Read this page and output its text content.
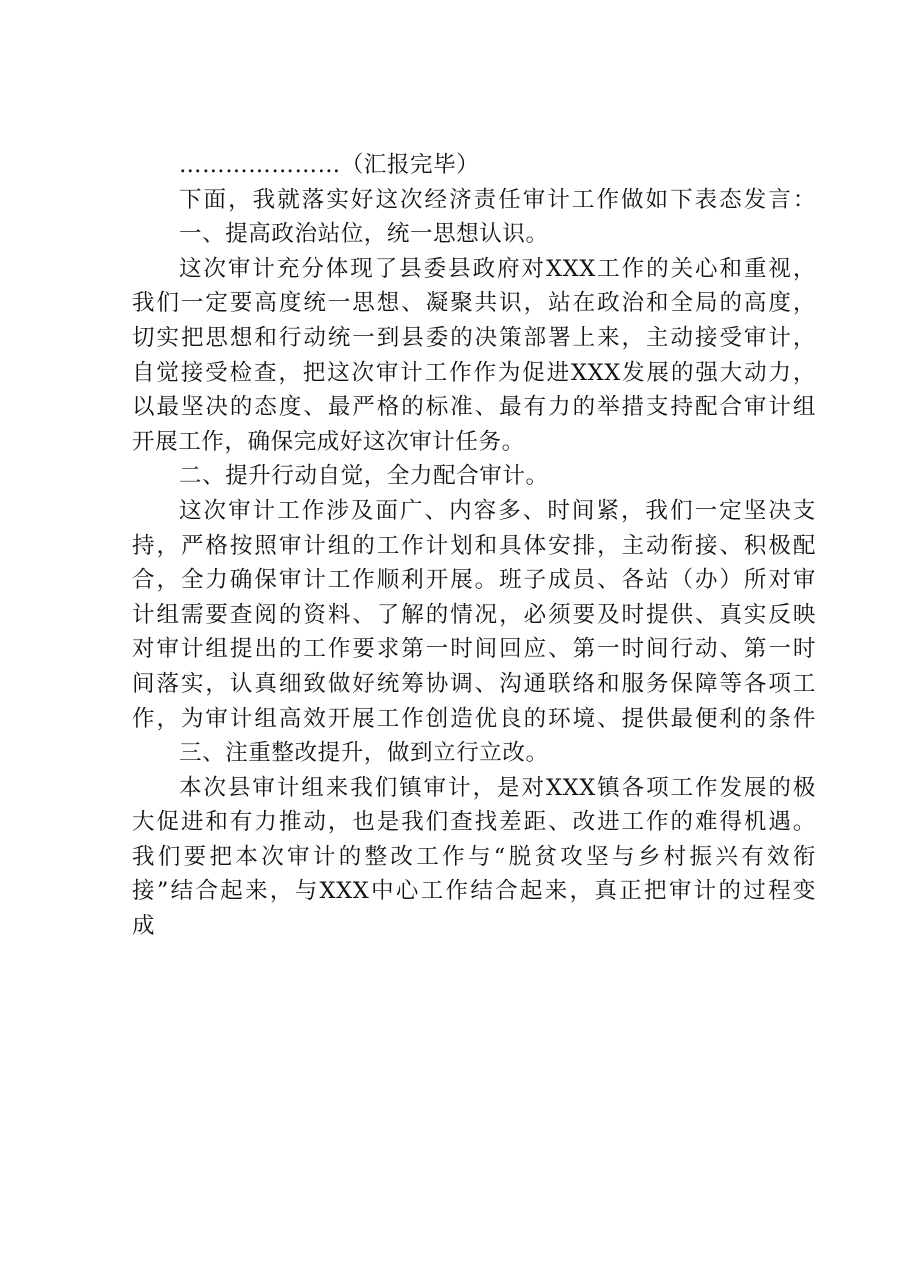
…………………（汇报完毕）
下面，我就落实好这次经济责任审计工作做如下表态发言：
一、提高政治站位，统一思想认识。
这次审计充分体现了县委县政府对XXX工作的关心和重视，
我们一定要高度统一思想、凝聚共识，站在政治和全局的高度，
切实把思想和行动统一到县委的决策部署上来，主动接受审计，
自觉接受检查，把这次审计工作作为促进XXX发展的强大动力，
以最坚决的态度、最严格的标准、最有力的举措支持配合审计组
开展工作，确保完成好这次审计任务。
二、提升行动自觉，全力配合审计。
这次审计工作涉及面广、内容多、时间紧，我们一定坚决支
持，严格按照审计组的工作计划和具体安排，主动衔接、积极配
合，全力确保审计工作顺利开展。班子成员、各站（办）所对审
计组需要查阅的资料、了解的情况，必须要及时提供、真实反映
对审计组提出的工作要求第一时间回应、第一时间行动、第一时
间落实，认真细致做好统筹协调、沟通联络和服务保障等各项工
作，为审计组高效开展工作创造优良的环境、提供最便利的条件
三、注重整改提升，做到立行立改。
本次县审计组来我们镇审计，是对XXX镇各项工作发展的极
大促进和有力推动，也是我们查找差距、改进工作的难得机遇。
我们要把本次审计的整改工作与“脱贫攻坚与乡村振兴有效衔
接”结合起来，与XXX中心工作结合起来，真正把审计的过程变
成
